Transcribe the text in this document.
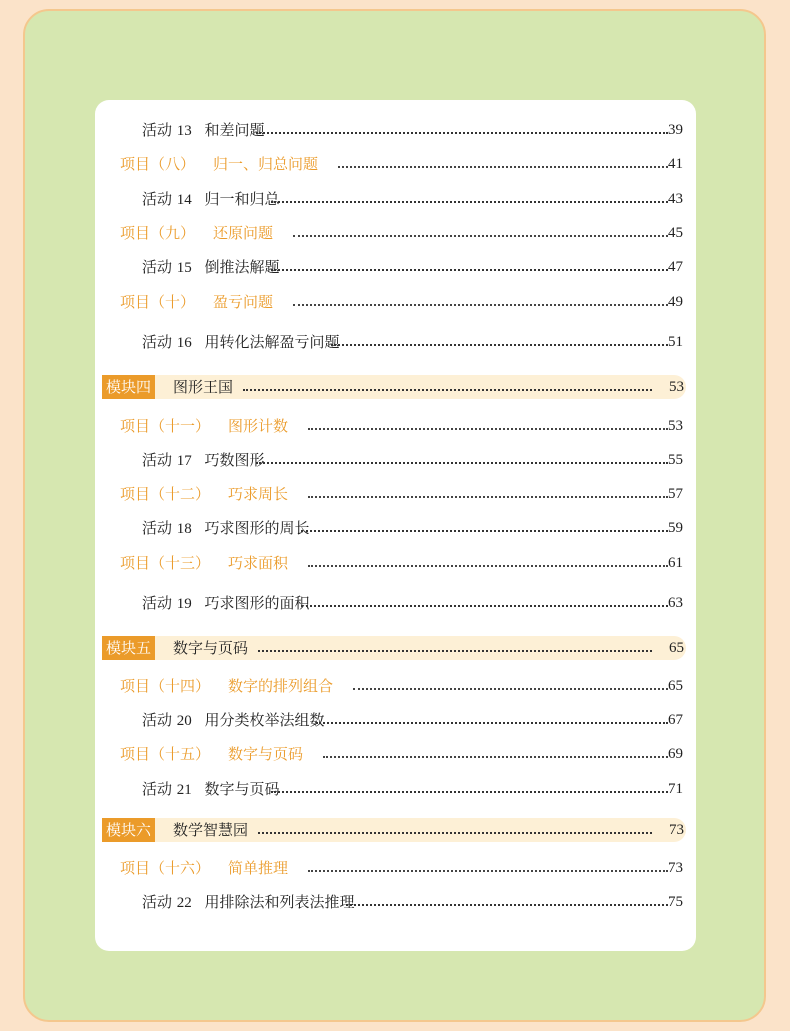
活动 13 和差问题	39
项目（八） 归一、归总问题	41
活动 14 归一和归总	43
项目（九） 还原问题	45
活动 15 倒推法解题	47
项目（十） 盈亏问题	49
活动 16 用转化法解盈亏问题	51
模块四 图形王国	53
项目（十一） 图形计数	53
活动 17 巧数图形	55
项目（十二） 巧求周长	57
活动 18 巧求图形的周长	59
项目（十三） 巧求面积	61
活动 19 巧求图形的面积	63
模块五 数字与页码	65
项目（十四） 数字的排列组合	65
活动 20 用分类枚举法组数	67
项目（十五） 数字与页码	69
活动 21 数字与页码	71
模块六 数学智慧园	73
项目（十六） 简单推理	73
活动 22 用排除法和列表法推理	75
